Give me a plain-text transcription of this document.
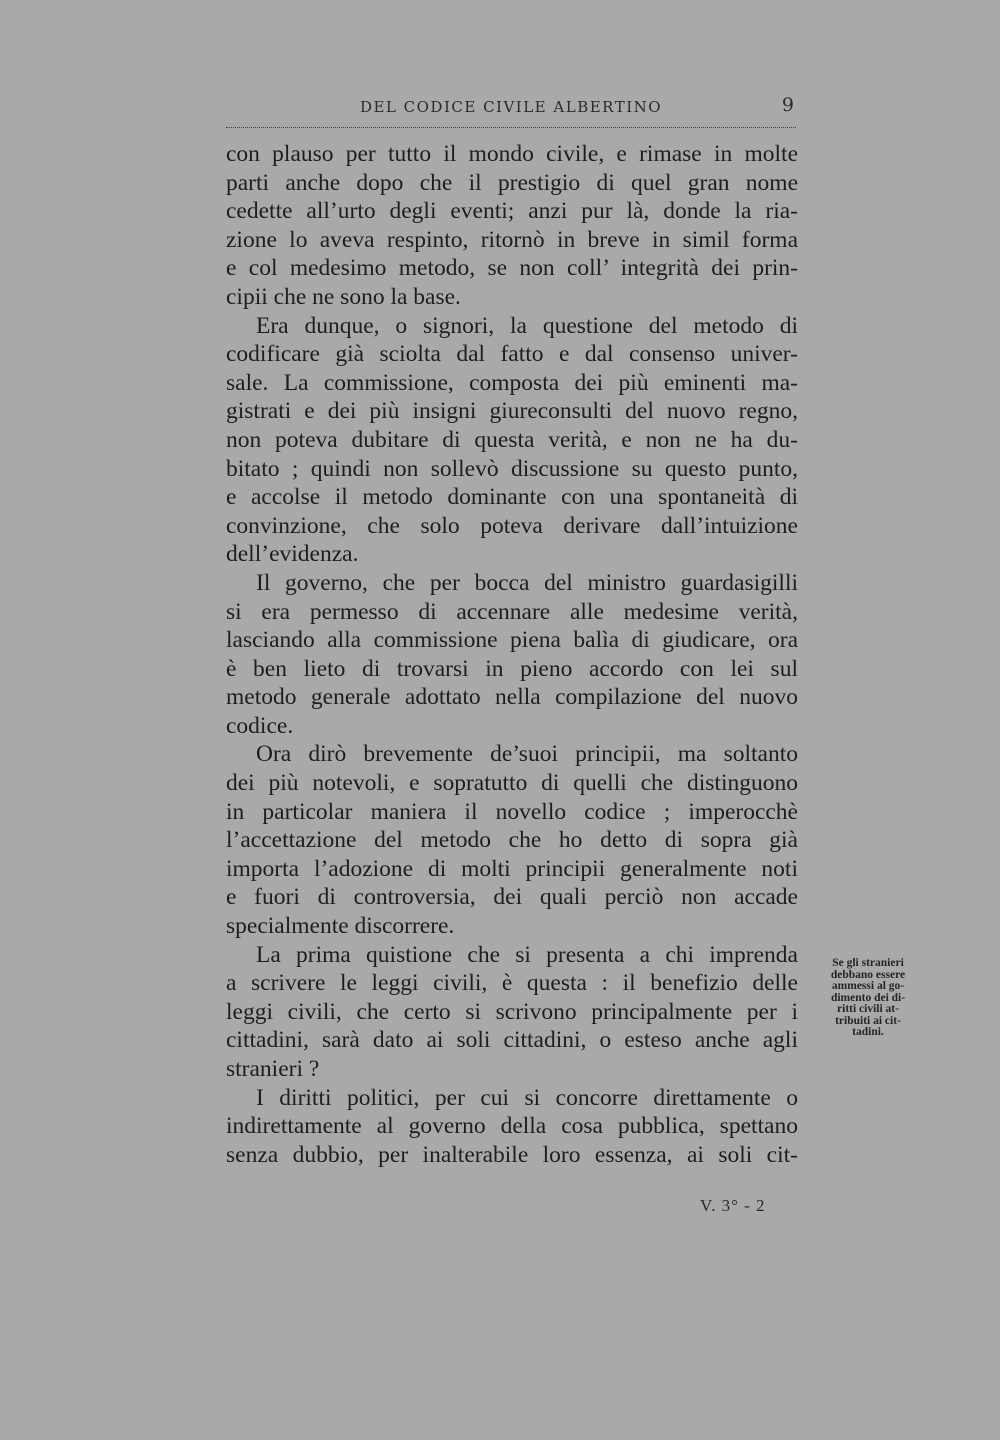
DEL CODICE CIVILE ALBERTINO	9
con plauso per tutto il mondo civile, e rimase in molte
parti anche dopo che il prestigio di quel gran nome
cedette all’urto degli eventi; anzi pur là, donde la ria-
zione lo aveva respinto, ritornò in breve in simil forma
e col medesimo metodo, se non coll’ integrità dei prin-
cipii che ne sono la base.
Era dunque, o signori, la questione del metodo di
codificare già sciolta dal fatto e dal consenso univer-
sale. La commissione, composta dei più eminenti ma-
gistrati e dei più insigni giureconsulti del nuovo regno,
non poteva dubitare di questa verità, e non ne ha du-
bitato ; quindi non sollevò discussione su questo punto,
e accolse il metodo dominante con una spontaneità di
convinzione, che solo poteva derivare dall’intuizione
dell’evidenza.
Il governo, che per bocca del ministro guardasigilli
si era permesso di accennare alle medesime verità,
lasciando alla commissione piena balìa di giudicare, ora
è ben lieto di trovarsi in pieno accordo con lei sul
metodo generale adottato nella compilazione del nuovo
codice.
Ora dirò brevemente de’suoi principii, ma soltanto
dei più notevoli, e sopratutto di quelli che distinguono
in particolar maniera il novello codice ; imperocchè
l’accettazione del metodo che ho detto di sopra già
importa l’adozione di molti principii generalmente noti
e fuori di controversia, dei quali perciò non accade
specialmente discorrere.
La prima quistione che si presenta a chi imprenda
a scrivere le leggi civili, è questa : il benefizio delle
leggi civili, che certo si scrivono principalmente per i
cittadini, sarà dato ai soli cittadini, o esteso anche agli
stranieri ?
I diritti politici, per cui si concorre direttamente o
indirettamente al governo della cosa pubblica, spettano
senza dubbio, per inalterabile loro essenza, ai soli cit-
Se gli stranieri
debbano essere
ammessi al go-
dimento dei di-
ritti civili at-
tribuiti ai cit-
tadini.
V. 3° - 2
